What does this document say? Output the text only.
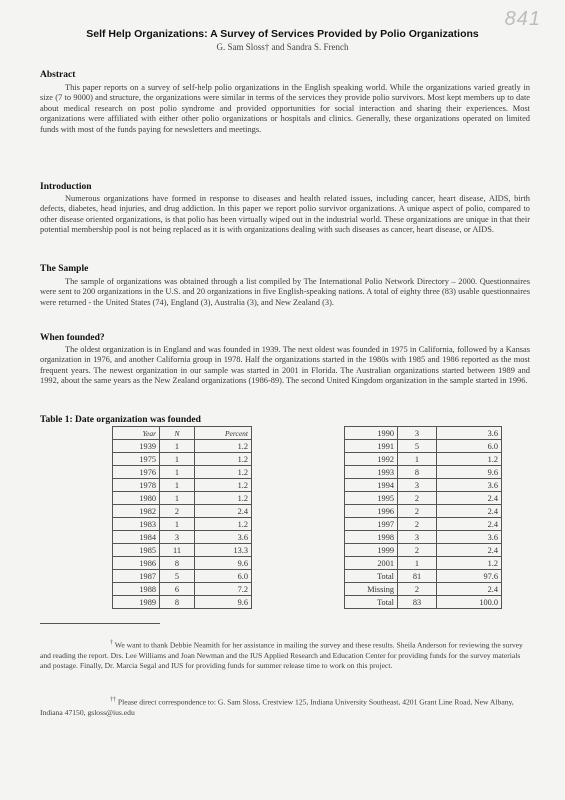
841
Self Help Organizations: A Survey of Services Provided by Polio Organizations
G. Sam Sloss† and Sandra S. French
Abstract
This paper reports on a survey of self-help polio organizations in the English speaking world. While the organizations varied greatly in size (7 to 9000) and structure, the organizations were similar in terms of the services they provide polio survivors. Most kept members up to date about medical research on post polio syndrome and provided opportunities for social interaction and sharing their experiences. Most organizations were affiliated with either other polio organizations or hospitals and clinics. Generally, these organizations operated on limited funds with most of the funds paying for newsletters and meetings.
Introduction
Numerous organizations have formed in response to diseases and health related issues, including cancer, heart disease, AIDS, birth defects, diabetes, head injuries, and drug addiction. In this paper we report polio survivor organizations. A unique aspect of polio, compared to other disease oriented organizations, is that polio has been virtually wiped out in the industrial world. These organizations are unique in that their potential membership pool is not being replaced as it is with organizations dealing with such diseases as cancer, heart disease, or AIDS.
The Sample
The sample of organizations was obtained through a list compiled by The International Polio Network Directory – 2000. Questionnaires were sent to 200 organizations in the U.S. and 20 organizations in five English-speaking nations. A total of eighty three (83) usable questionnaires were returned - the United States (74), England (3), Australia (3), and New Zealand (3).
When founded?
The oldest organization is in England and was founded in 1939. The next oldest was founded in 1975 in California, followed by a Kansas organization in 1976, and another California group in 1978. Half the organizations started in the 1980s with 1985 and 1986 reported as the most frequent years. The newest organization in our sample was started in 2001 in Florida. The Australian organizations started between 1989 and 1992, about the same years as the New Zealand organizations (1986-89). The second United Kingdom organization in the sample started in 1996.
Table 1: Date organization was founded
Year	N	Percent
1939	1	1.2
1975	1	1.2
1976	1	1.2
1978	1	1.2
1980	1	1.2
1982	2	2.4
1983	1	1.2
1984	3	3.6
1985	11	13.3
1986	8	9.6
1987	5	6.0
1988	6	7.2
1989	8	9.6
1990	3	3.6
1991	5	6.0
1992	1	1.2
1993	8	9.6
1994	3	3.6
1995	2	2.4
1996	2	2.4
1997	2	2.4
1998	3	3.6
1999	2	2.4
2001	1	1.2
Total	81	97.6
Missing	2	2.4
Total	83	100.0
† We want to thank Debbie Neamith for her assistance in mailing the survey and these results. Sheila Anderson for reviewing the survey and reading the report. Drs. Lee Williams and Joan Newman and the IUS Applied Research and Education Center for providing funds for the survey materials and postage. Finally, Dr. Marcia Segal and IUS for providing funds for summer release time to work on this project.
†† Please direct correspondence to: G. Sam Sloss, Crestview 125, Indiana University Southeast, 4201 Grant Line Road, New Albany, Indiana 47150, gsloss@ius.edu
